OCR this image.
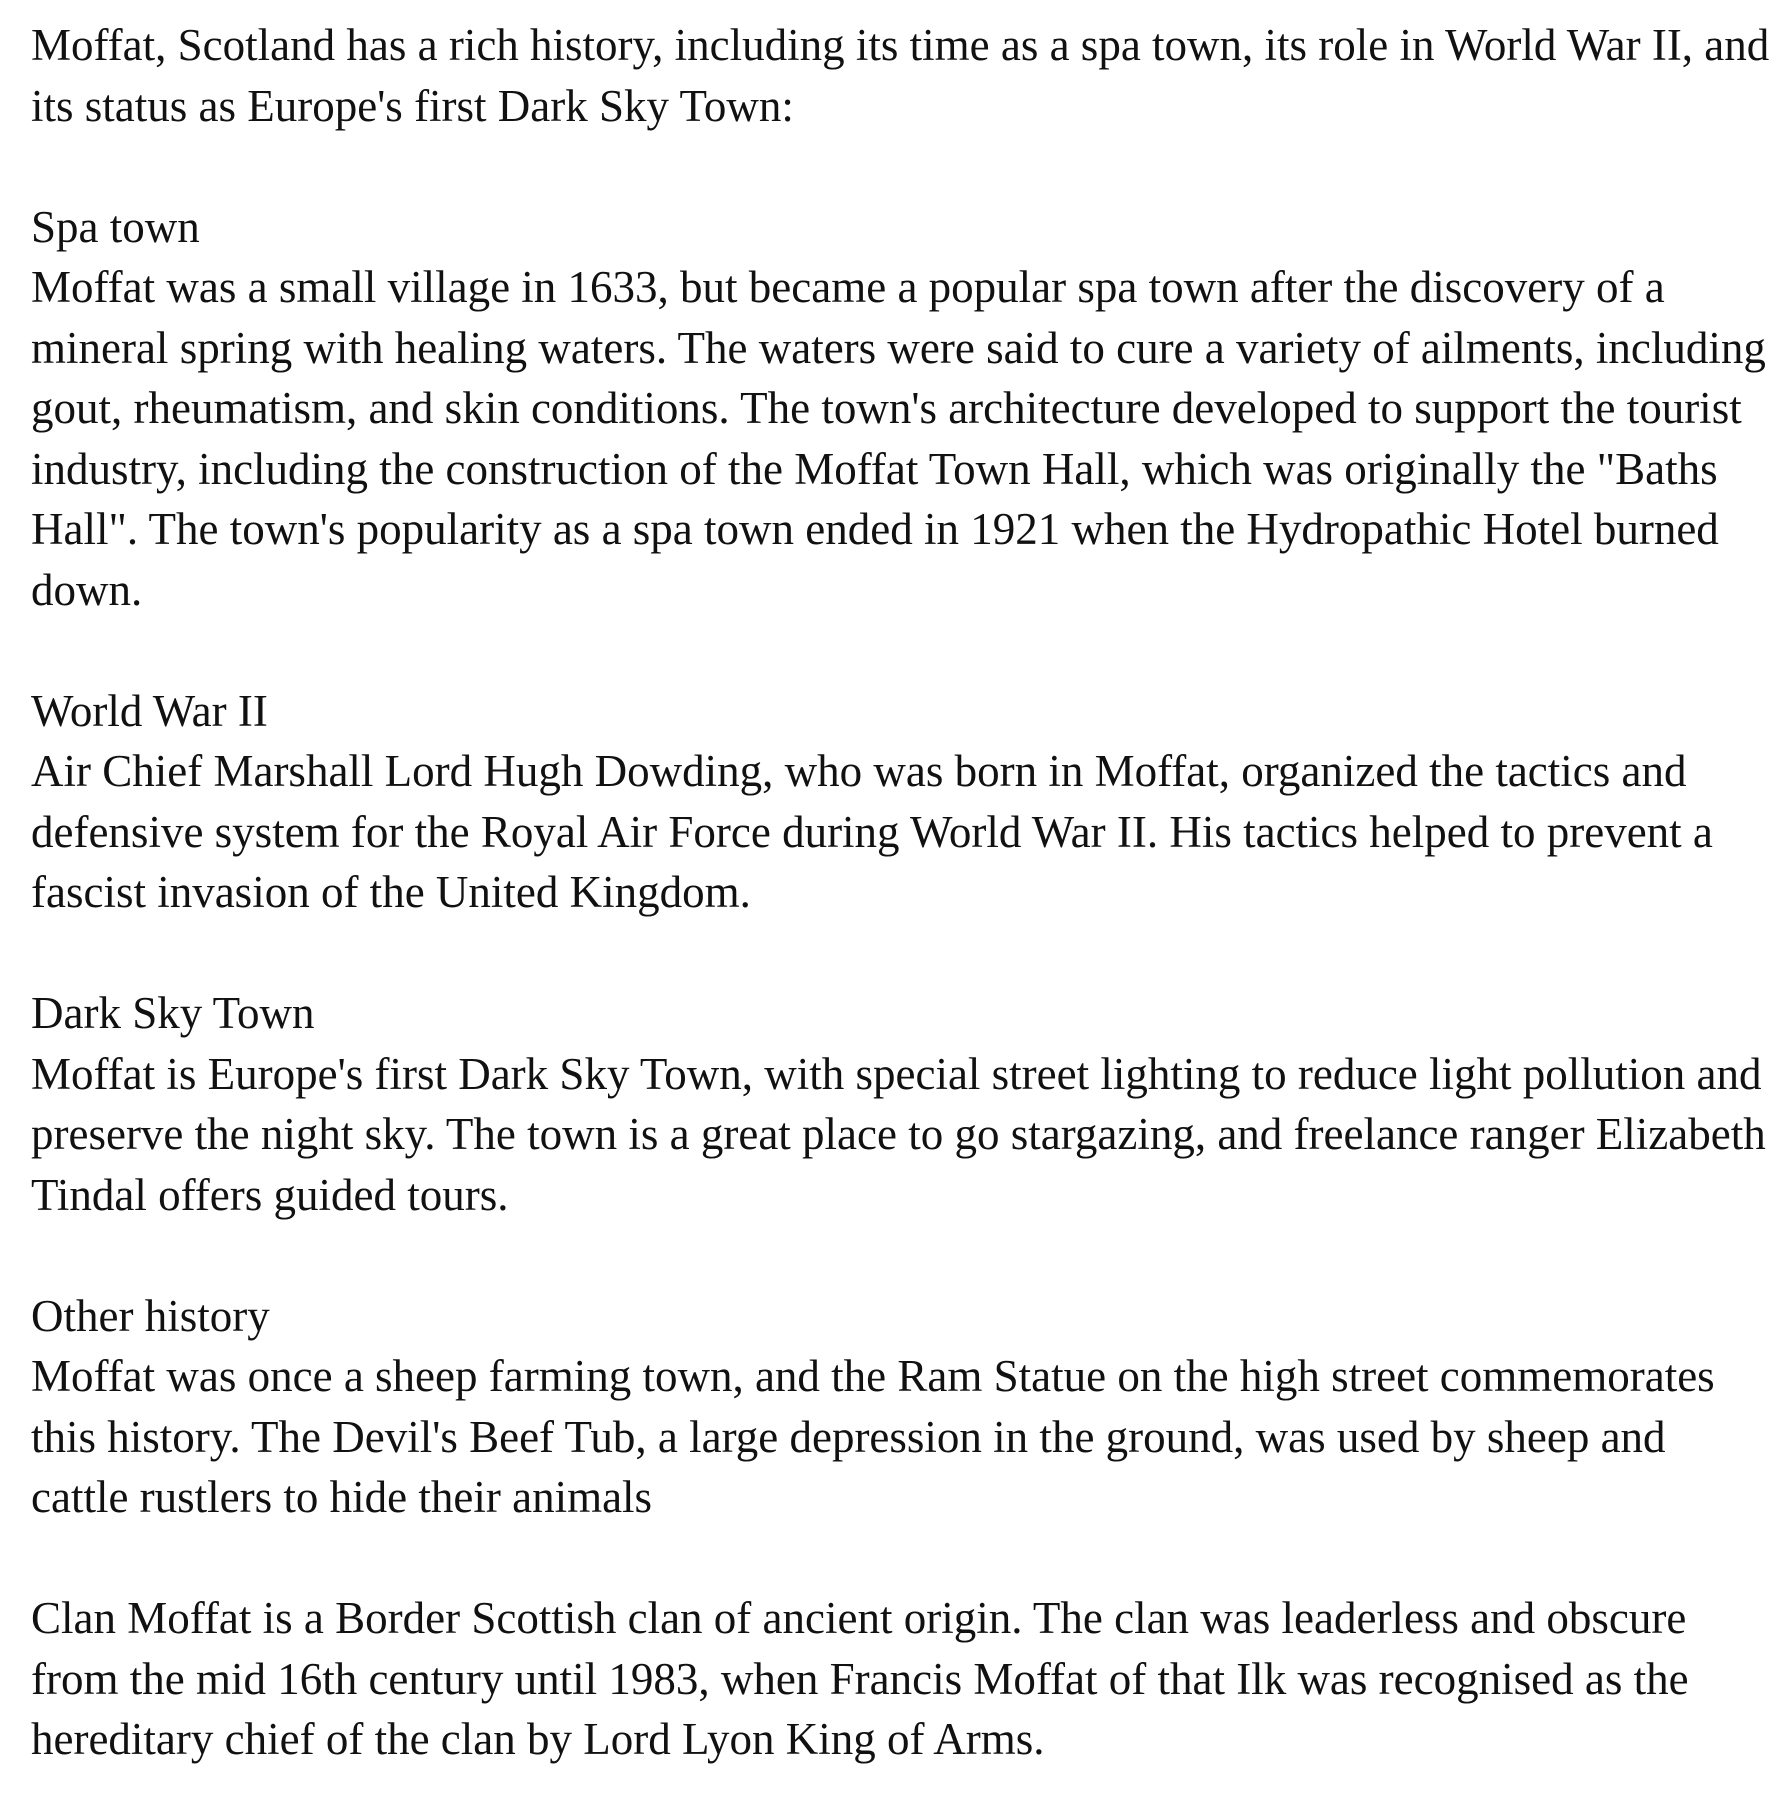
Moffat, Scotland has a rich history, including its time as a spa town, its role in World War II, and its status as Europe's first Dark Sky Town:

Spa town

Moffat was a small village in 1633, but became a popular spa town after the discovery of a mineral spring with healing waters. The waters were said to cure a variety of ailments, including gout, rheumatism, and skin conditions. The town's architecture developed to support the tourist industry, including the construction of the Moffat Town Hall, which was originally the "Baths Hall". The town's popularity as a spa town ended in 1921 when the Hydropathic Hotel burned down.

World War II

Air Chief Marshall Lord Hugh Dowding, who was born in Moffat, organized the tactics and defensive system for the Royal Air Force during World War II. His tactics helped to prevent a fascist invasion of the United Kingdom.

Dark Sky Town

Moffat is Europe's first Dark Sky Town, with special street lighting to reduce light pollution and preserve the night sky. The town is a great place to go stargazing, and freelance ranger Elizabeth Tindal offers guided tours.

Other history

Moffat was once a sheep farming town, and the Ram Statue on the high street commemorates this history. The Devil's Beef Tub, a large depression in the ground, was used by sheep and cattle rustlers to hide their animals

Clan Moffat is a Border Scottish clan of ancient origin. The clan was leaderless and obscure from the mid 16th century until 1983, when Francis Moffat of that Ilk was recognised as the hereditary chief of the clan by Lord Lyon King of Arms.
